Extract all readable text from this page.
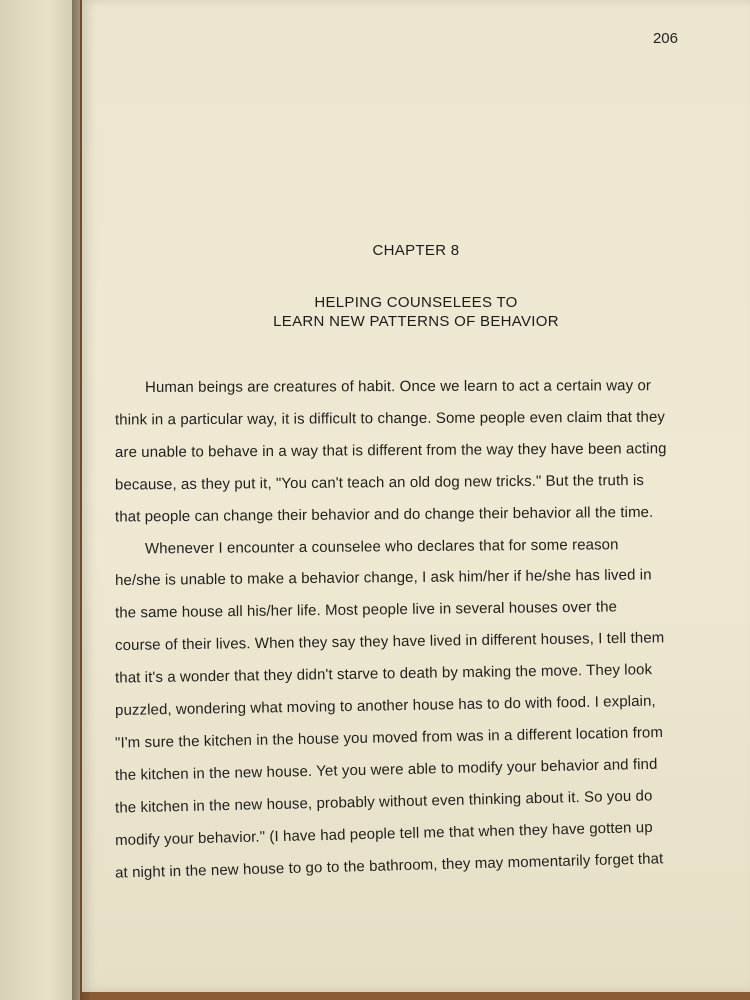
206
CHAPTER 8
HELPING COUNSELEES TO
LEARN NEW PATTERNS OF BEHAVIOR
Human beings are creatures of habit. Once we learn to act a certain way or
think in a particular way, it is difficult to change. Some people even claim that they
are unable to behave in a way that is different from the way they have been acting
because, as they put it, "You can't teach an old dog new tricks." But the truth is
that people can change their behavior and do change their behavior all the time.
Whenever I encounter a counselee who declares that for some reason
he/she is unable to make a behavior change, I ask him/her if he/she has lived in
the same house all his/her life. Most people live in several houses over the
course of their lives. When they say they have lived in different houses, I tell them
that it's a wonder that they didn't starve to death by making the move. They look
puzzled, wondering what moving to another house has to do with food. I explain,
"I'm sure the kitchen in the house you moved from was in a different location from
the kitchen in the new house. Yet you were able to modify your behavior and find
the kitchen in the new house, probably without even thinking about it. So you do
modify your behavior." (I have had people tell me that when they have gotten up
at night in the new house to go to the bathroom, they may momentarily forget that
